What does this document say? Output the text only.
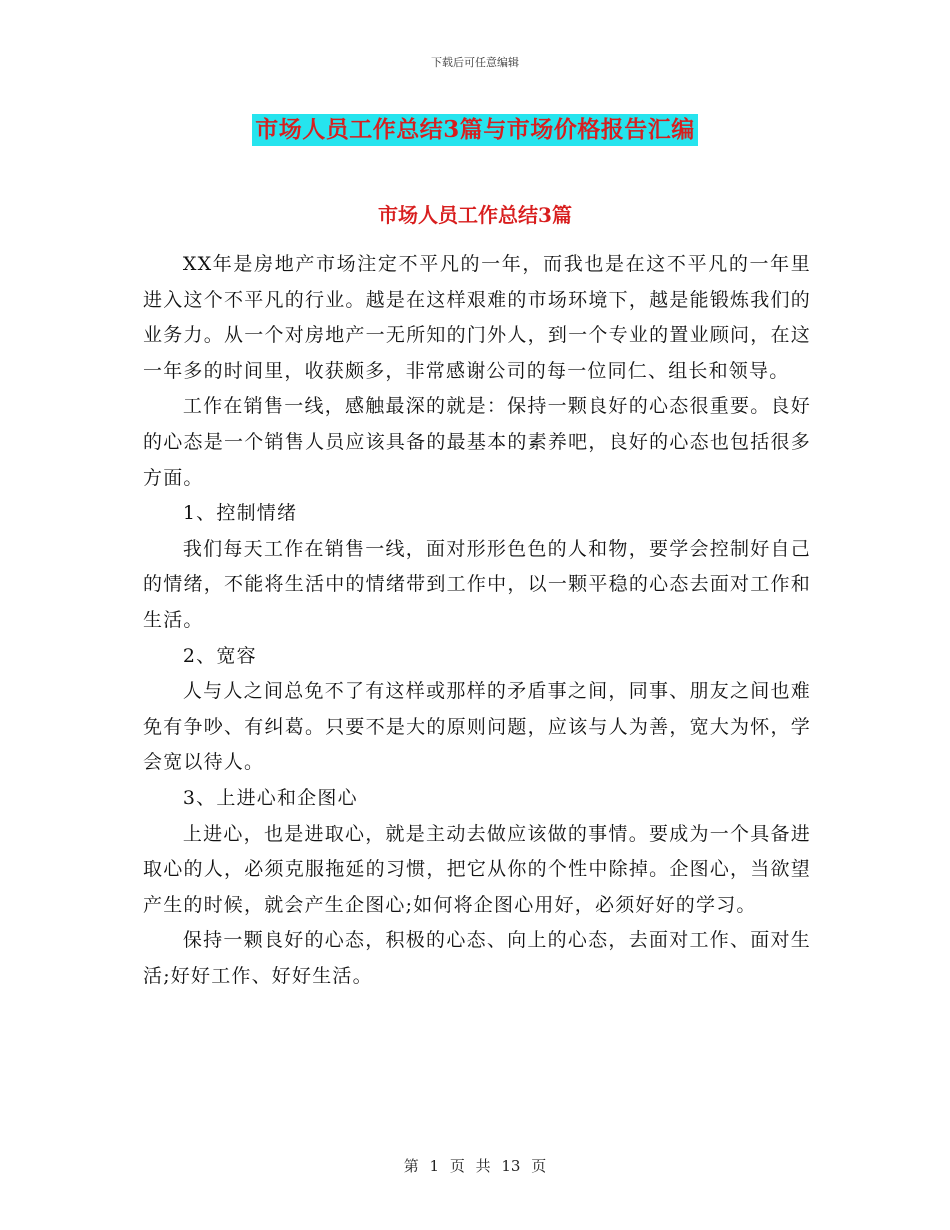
下载后可任意编辑
市场人员工作总结3篇与市场价格报告汇编
市场人员工作总结3篇

XX年是房地产市场注定不平凡的一年，而我也是在这不平凡的一年里进入这个不平凡的行业。越是在这样艰难的市场环境下，越是能锻炼我们的业务力。从一个对房地产一无所知的门外人，到一个专业的置业顾问，在这一年多的时间里，收获颇多，非常感谢公司的每一位同仁、组长和领导。

工作在销售一线，感触最深的就是：保持一颗良好的心态很重要。良好的心态是一个销售人员应该具备的最基本的素养吧，良好的心态也包括很多方面。

1、控制情绪

我们每天工作在销售一线，面对形形色色的人和物，要学会控制好自己的情绪，不能将生活中的情绪带到工作中，以一颗平稳的心态去面对工作和生活。

2、宽容

人与人之间总免不了有这样或那样的矛盾事之间，同事、朋友之间也难免有争吵、有纠葛。只要不是大的原则问题，应该与人为善，宽大为怀，学会宽以待人。

3、上进心和企图心

上进心，也是进取心，就是主动去做应该做的事情。要成为一个具备进取心的人，必须克服拖延的习惯，把它从你的个性中除掉。企图心，当欲望产生的时候，就会产生企图心;如何将企图心用好，必须好好的学习。

保持一颗良好的心态，积极的心态、向上的心态，去面对工作、面对生活;好好工作、好好生活。

第 1 页 共 13 页
